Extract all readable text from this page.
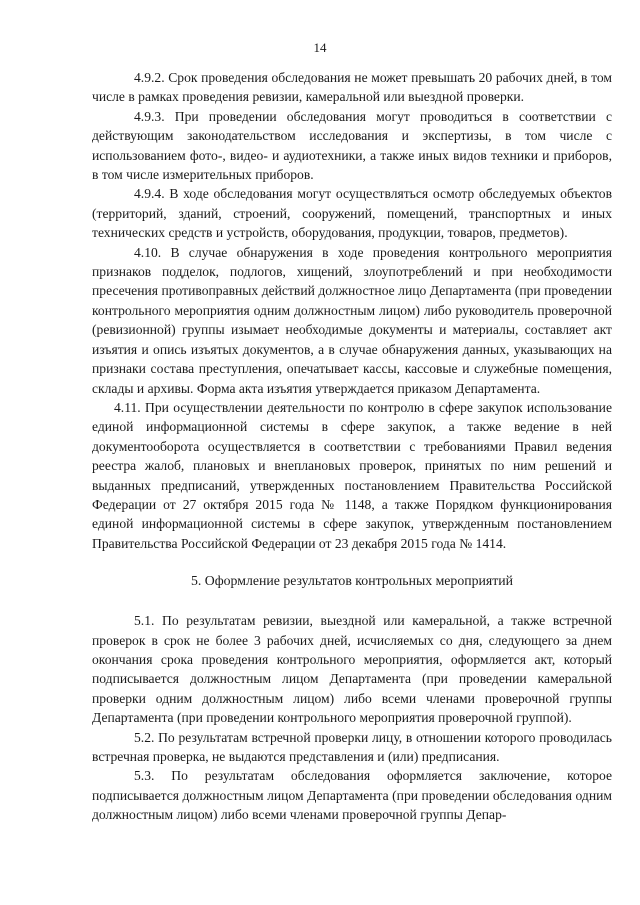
14

4.9.2. Срок проведения обследования не может превышать 20 рабочих дней, в том числе в рамках проведения ревизии, камеральной или выездной проверки.

4.9.3. При проведении обследования могут проводиться в соответствии с действующим законодательством исследования и экспертизы, в том числе с использованием фото-, видео- и аудиотехники, а также иных видов техники и приборов, в том числе измерительных приборов.

4.9.4. В ходе обследования могут осуществляться осмотр обследуемых объектов (территорий, зданий, строений, сооружений, помещений, транспортных и иных технических средств и устройств, оборудования, продукции, товаров, предметов).

4.10. В случае обнаружения в ходе проведения контрольного мероприятия признаков подделок, подлогов, хищений, злоупотреблений и при необходимости пресечения противоправных действий должностное лицо Департамента (при проведении контрольного мероприятия одним должностным лицом) либо руководитель проверочной (ревизионной) группы изымает необходимые документы и материалы, составляет акт изъятия и опись изъятых документов, а в случае обнаружения данных, указывающих на признаки состава преступления, опечатывает кассы, кассовые и служебные помещения, склады и архивы. Форма акта изъятия утверждается приказом Департамента.

4.11. При осуществлении деятельности по контролю в сфере закупок использование единой информационной системы в сфере закупок, а также ведение в ней документооборота осуществляется в соответствии с требованиями Правил ведения реестра жалоб, плановых и внеплановых проверок, принятых по ним решений и выданных предписаний, утвержденных постановлением Правительства Российской Федерации от 27 октября 2015 года № 1148, а также Порядком функционирования единой информационной системы в сфере закупок, утвержденным постановлением Правительства Российской Федерации от 23 декабря 2015 года № 1414.

5. Оформление результатов контрольных мероприятий

5.1. По результатам ревизии, выездной или камеральной, а также встречной проверок в срок не более 3 рабочих дней, исчисляемых со дня, следующего за днем окончания срока проведения контрольного мероприятия, оформляется акт, который подписывается должностным лицом Департамента (при проведении камеральной проверки одним должностным лицом) либо всеми членами проверочной группы Департамента (при проведении контрольного мероприятия проверочной группой).

5.2. По результатам встречной проверки лицу, в отношении которого проводилась встречная проверка, не выдаются представления и (или) предписания.

5.3. По результатам обследования оформляется заключение, которое подписывается должностным лицом Департамента (при проведении обследования одним должностным лицом) либо всеми членами проверочной группы Депар-
